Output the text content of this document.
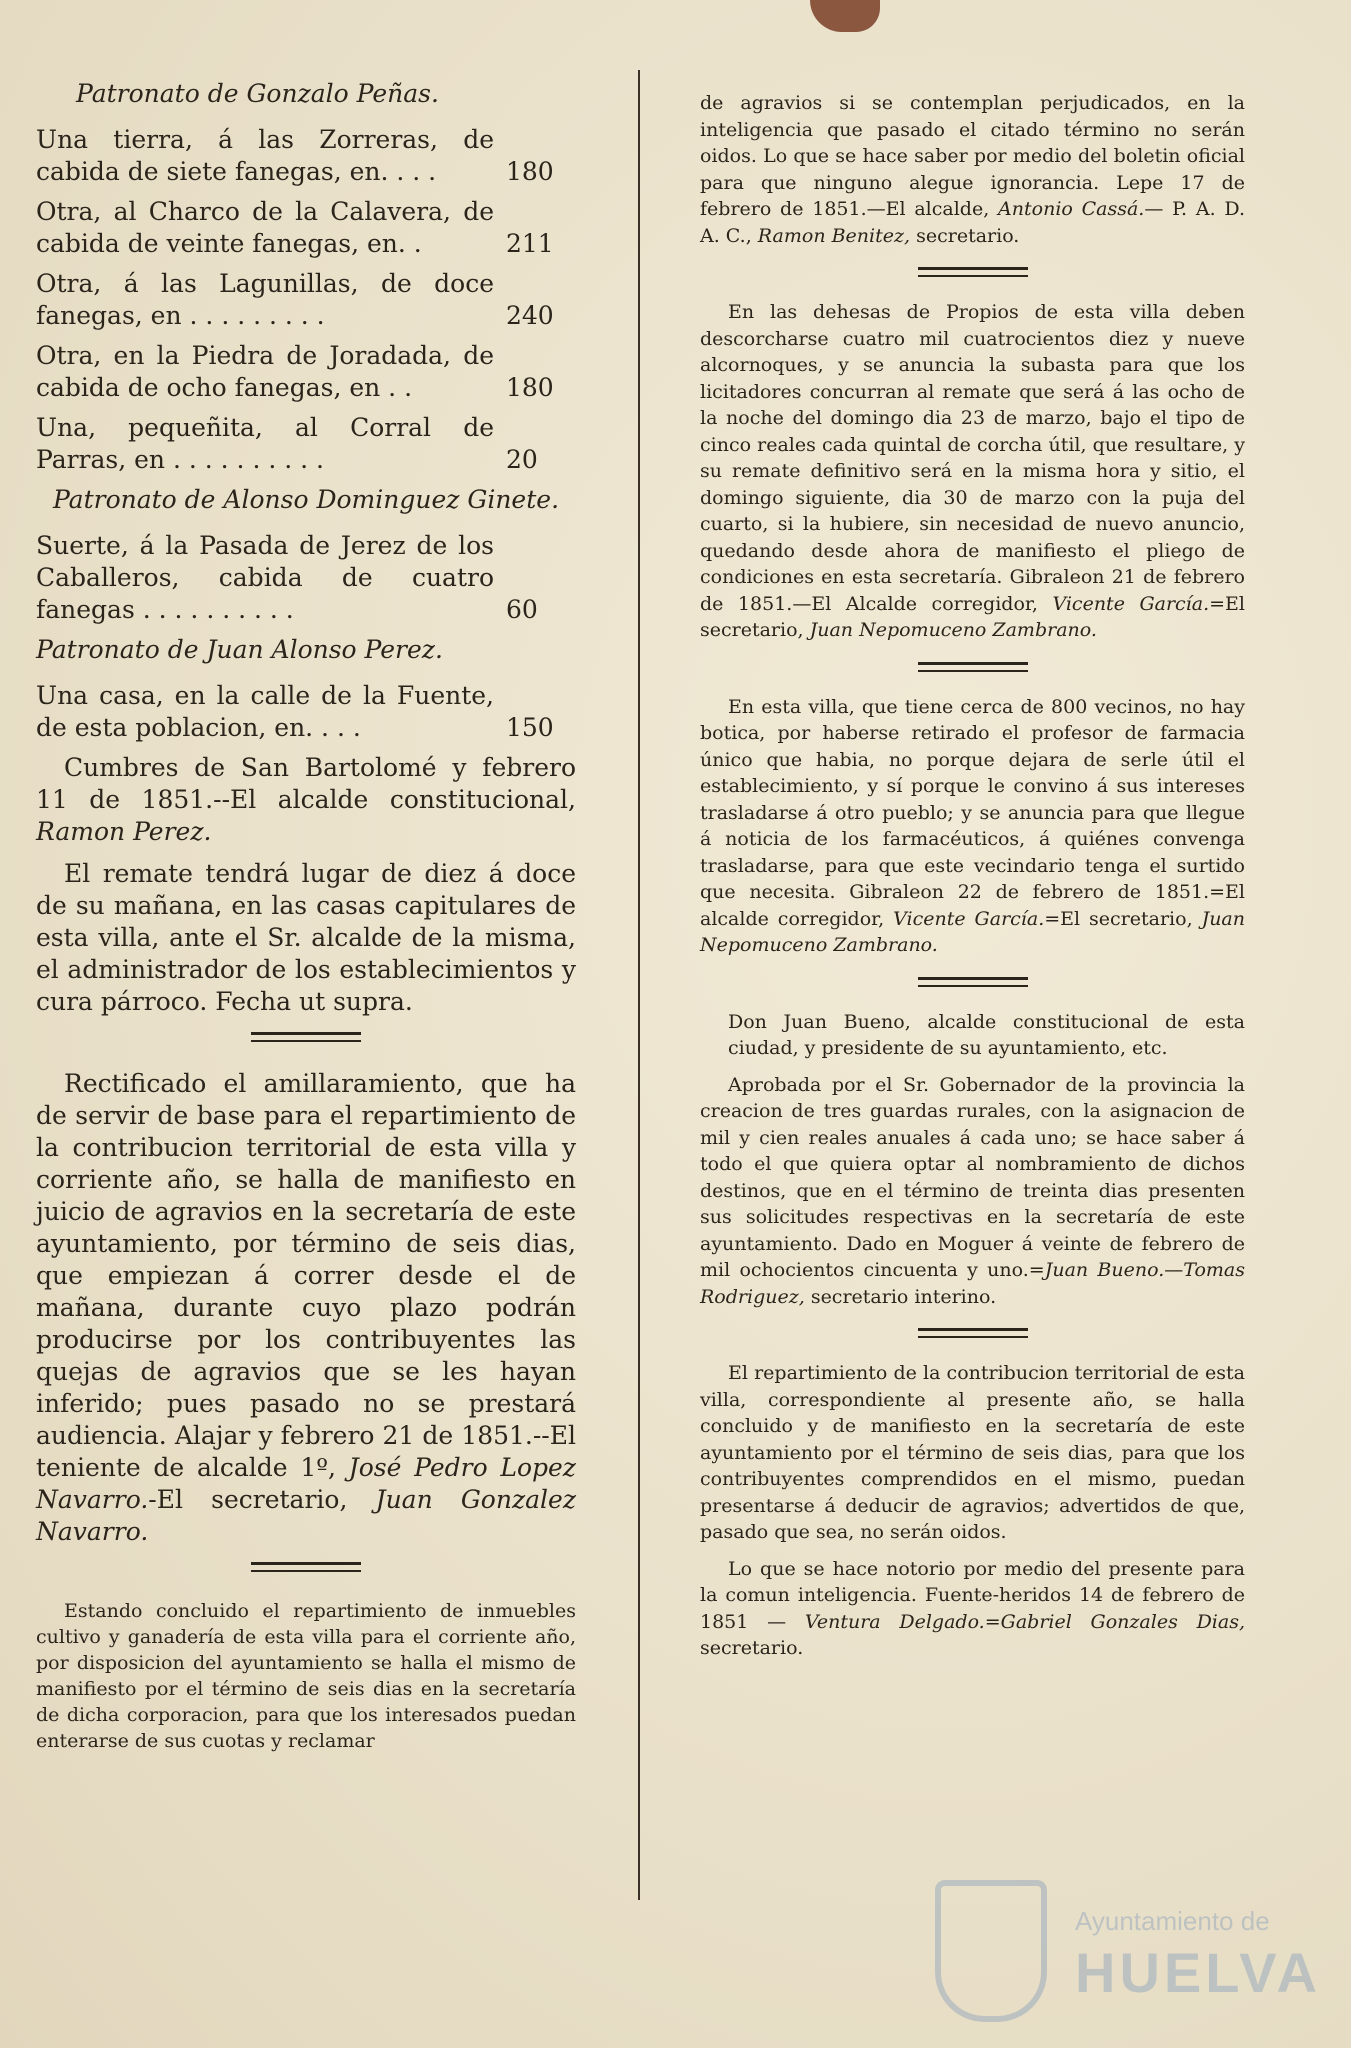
Patronato de Gonzalo Peñas.
Una tierra, á las Zorreras, de cabida de siete fanegas, en. . . .	180
Otra, al Charco de la Calavera, de cabida de veinte fanegas, en. .	211
Otra, á las Lagunillas, de doce fanegas, en . . . . . . . . .	240
Otra, en la Piedra de Joradada, de cabida de ocho fanegas, en . .	180
Una, pequeñita, al Corral de Parras, en . . . . . . . . . .	20
Patronato de Alonso Dominguez Ginete.
Suerte, á la Pasada de Jerez de los Caballeros, cabida de cuatro fanegas . . . . . . . . . .	60
Patronato de Juan Alonso Perez.
Una casa, en la calle de la Fuente, de esta poblacion, en. . . .	150

Cumbres de San Bartolomé y febrero 11 de 1851.--El alcalde constitucional, Ramon Perez.

El remate tendrá lugar de diez á doce de su mañana, en las casas capitulares de esta villa, ante el Sr. alcalde de la misma, el administrador de los establecimientos y cura párroco. Fecha ut supra.

Rectificado el amillaramiento, que ha de servir de base para el repartimiento de la contribucion territorial de esta villa y corriente año, se halla de manifiesto en juicio de agravios en la secretaría de este ayuntamiento, por término de seis dias, que empiezan á correr desde el de mañana, durante cuyo plazo podrán producirse por los contribuyentes las quejas de agravios que se les hayan inferido; pues pasado no se prestará audiencia. Alajar y febrero 21 de 1851.--El teniente de alcalde 1º, José Pedro Lopez Navarro.-El secretario, Juan Gonzalez Navarro.

Estando concluido el repartimiento de inmuebles cultivo y ganadería de esta villa para el corriente año, por disposicion del ayuntamiento se halla el mismo de manifiesto por el término de seis dias en la secretaría de dicha corporacion, para que los interesados puedan enterarse de sus cuotas y reclamar

de agravios si se contemplan perjudicados, en la inteligencia que pasado el citado término no serán oidos. Lo que se hace saber por medio del boletin oficial para que ninguno alegue ignorancia. Lepe 17 de febrero de 1851.—El alcalde, Antonio Cassá.— P. A. D. A. C., Ramon Benitez, secretario.

En las dehesas de Propios de esta villa deben descorcharse cuatro mil cuatrocientos diez y nueve alcornoques, y se anuncia la subasta para que los licitadores concurran al remate que será á las ocho de la noche del domingo dia 23 de marzo, bajo el tipo de cinco reales cada quintal de corcha útil, que resultare, y su remate definitivo será en la misma hora y sitio, el domingo siguiente, dia 30 de marzo con la puja del cuarto, si la hubiere, sin necesidad de nuevo anuncio, quedando desde ahora de manifiesto el pliego de condiciones en esta secretaría. Gibraleon 21 de febrero de 1851.—El Alcalde corregidor, Vicente García.=El secretario, Juan Nepomuceno Zambrano.

En esta villa, que tiene cerca de 800 vecinos, no hay botica, por haberse retirado el profesor de farmacia único que habia, no porque dejara de serle útil el establecimiento, y sí porque le convino á sus intereses trasladarse á otro pueblo; y se anuncia para que llegue á noticia de los farmacéuticos, á quiénes convenga trasladarse, para que este vecindario tenga el surtido que necesita. Gibraleon 22 de febrero de 1851.=El alcalde corregidor, Vicente García.=El secretario, Juan Nepomuceno Zambrano.

Don Juan Bueno, alcalde constitucional de esta ciudad, y presidente de su ayuntamiento, etc.

Aprobada por el Sr. Gobernador de la provincia la creacion de tres guardas rurales, con la asignacion de mil y cien reales anuales á cada uno; se hace saber á todo el que quiera optar al nombramiento de dichos destinos, que en el término de treinta dias presenten sus solicitudes respectivas en la secretaría de este ayuntamiento. Dado en Moguer á veinte de febrero de mil ochocientos cincuenta y uno.=Juan Bueno.—Tomas Rodriguez, secretario interino.

El repartimiento de la contribucion territorial de esta villa, correspondiente al presente año, se halla concluido y de manifiesto en la secretaría de este ayuntamiento por el término de seis dias, para que los contribuyentes comprendidos en el mismo, puedan presentarse á deducir de agravios; advertidos de que, pasado que sea, no serán oidos.

Lo que se hace notorio por medio del presente para la comun inteligencia. Fuente-heridos 14 de febrero de 1851 — Ventura Delgado.=Gabriel Gonzales Dias, secretario.

Ayuntamiento de
HUELVA
